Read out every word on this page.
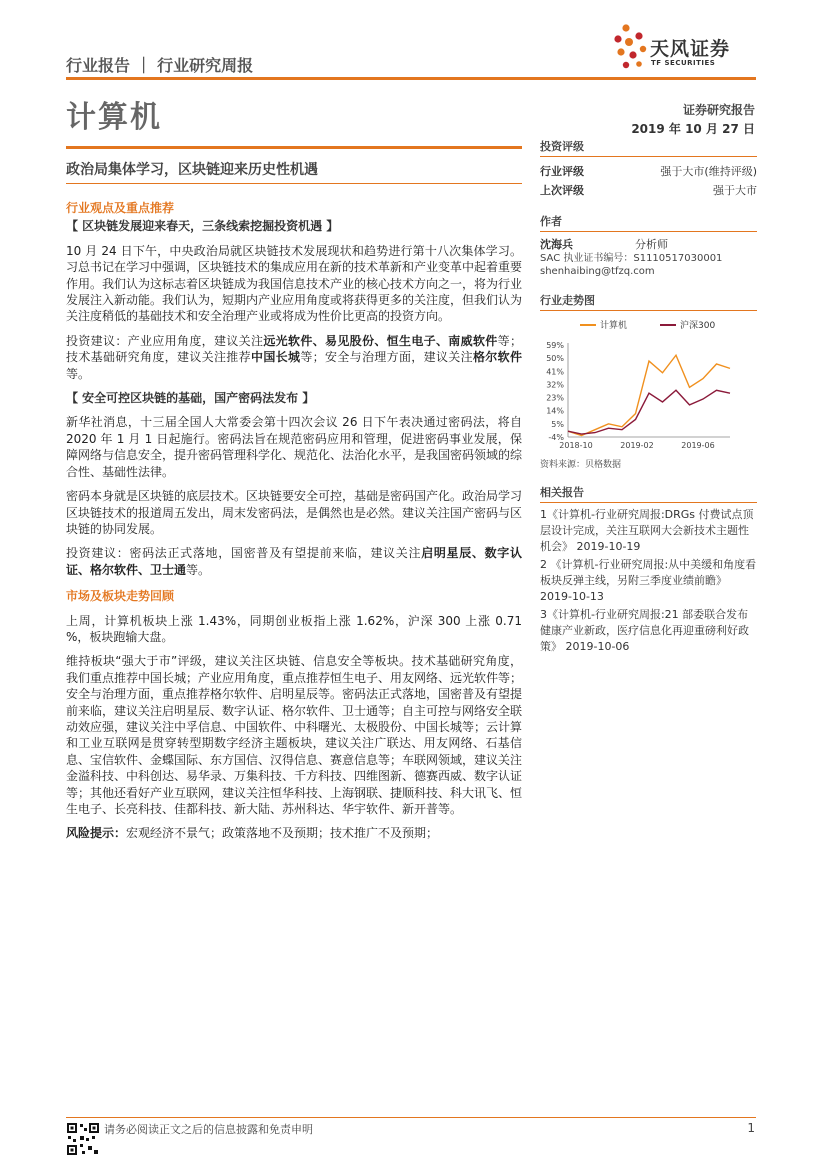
行业报告 ｜ 行业研究周报
天风证券
TF SECURITIES
计算机	证券研究报告
2019 年 10 月 27 日
政治局集体学习，区块链迎来历史性机遇
行业观点及重点推荐
【 区块链发展迎来春天，三条线索挖掘投资机遇 】
10 月 24 日下午，中央政治局就区块链技术发展现状和趋势进行第十八次集体学习。习总书记在学习中强调，区块链技术的集成应用在新的技术革新和产业变革中起着重要作用。我们认为这标志着区块链成为我国信息技术产业的核心技术方向之一，将为行业发展注入新动能。我们认为，短期内产业应用角度或将获得更多的关注度，但我们认为关注度稍低的基础技术和安全治理产业或将成为性价比更高的投资方向。
投资建议：产业应用角度，建议关注远光软件、易见股份、恒生电子、南威软件等；技术基础研究角度，建议关注推荐中国长城等；安全与治理方面，建议关注格尔软件等。
【 安全可控区块链的基础，国产密码法发布 】
新华社消息，十三届全国人大常委会第十四次会议 26 日下午表决通过密码法，将自 2020 年 1 月 1 日起施行。密码法旨在规范密码应用和管理，促进密码事业发展，保障网络与信息安全，提升密码管理科学化、规范化、法治化水平，是我国密码领域的综合性、基础性法律。
密码本身就是区块链的底层技术。区块链要安全可控，基础是密码国产化。政治局学习区块链技术的报道周五发出，周末发密码法，是偶然也是必然。建议关注国产密码与区块链的协同发展。
投资建议：密码法正式落地，国密普及有望提前来临，建议关注启明星辰、数字认证、格尔软件、卫士通等。
市场及板块走势回顾
上周，计算机板块上涨 1.43%，同期创业板指上涨 1.62%，沪深 300 上涨 0.71 %，板块跑输大盘。
维持板块“强大于市”评级，建议关注区块链、信息安全等板块。技术基础研究角度，我们重点推荐中国长城；产业应用角度，重点推荐恒生电子、用友网络、远光软件等；安全与治理方面，重点推荐格尔软件、启明星辰等。密码法正式落地，国密普及有望提前来临，建议关注启明星辰、数字认证、格尔软件、卫士通等；自主可控与网络安全联动效应强，建议关注中孚信息、中国软件、中科曙光、太极股份、中国长城等；云计算和工业互联网是贯穿转型期数字经济主题板块，建议关注广联达、用友网络、石基信息、宝信软件、金蝶国际、东方国信、汉得信息、赛意信息等；车联网领域，建议关注金溢科技、中科创达、易华录、万集科技、千方科技、四维图新、德赛西威、数字认证等；其他还看好产业互联网，建议关注恒华科技、上海钢联、捷顺科技、科大讯飞、恒生电子、长亮科技、佳都科技、新大陆、苏州科达、华宇软件、新开普等。
风险提示：宏观经济不景气；政策落地不及预期；技术推广不及预期；
投资评级
行业评级	强于大市(维持评级)
上次评级	强于大市
作者
沈海兵	分析师
SAC 执业证书编号：S1110517030001
shenhaibing@tfzq.com
行业走势图
计算机	沪深300
59%
50%
41%
32%
23%
14%
5%
-4%
2018-10	2019-02	2019-06
资料来源：贝格数据
相关报告
1《计算机-行业研究周报:DRGs 付费试点顶层设计完成，关注互联网大会新技术主题性机会》 2019-10-19
2 《计算机-行业研究周报:从中美缓和角度看板块反弹主线，另附三季度业绩前瞻》 2019-10-13
3《计算机-行业研究周报:21 部委联合发布健康产业新政，医疗信息化再迎重磅利好政策》 2019-10-06
请务必阅读正文之后的信息披露和免责申明	1
